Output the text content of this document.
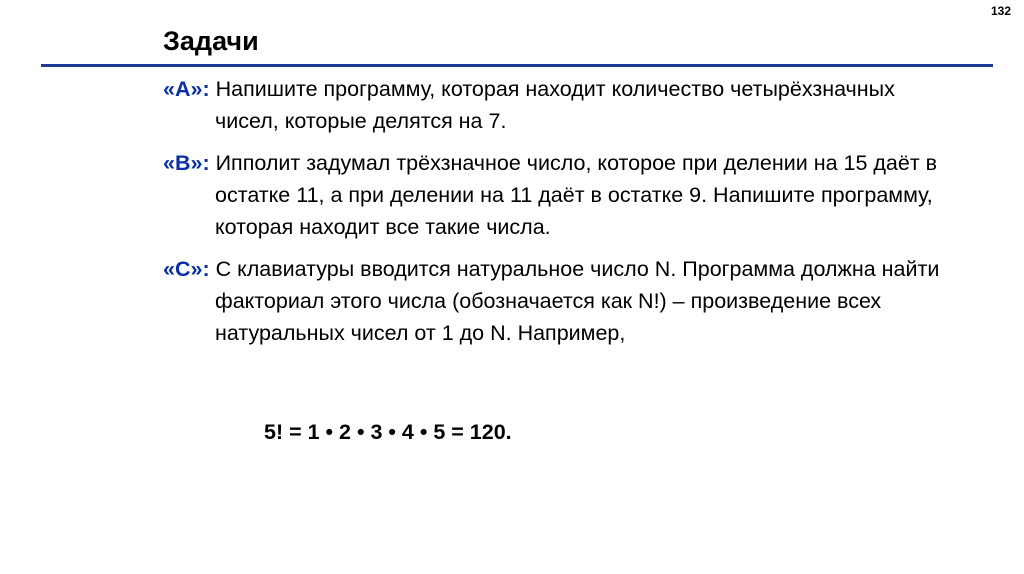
132
Задачи

«A»: Напишите программу, которая находит количество четырёхзначных чисел, которые делятся на 7.

«B»: Ипполит задумал трёхзначное число, которое при делении на 15 даёт в остатке 11, а при делении на 11 даёт в остатке 9. Напишите программу, которая находит все такие числа.

«C»: С клавиатуры вводится натуральное число N. Программа должна найти факториал этого числа (обозначается как N!) – произведение всех натуральных чисел от 1 до N. Например,

5! = 1 • 2 • 3 • 4 • 5 = 120.
